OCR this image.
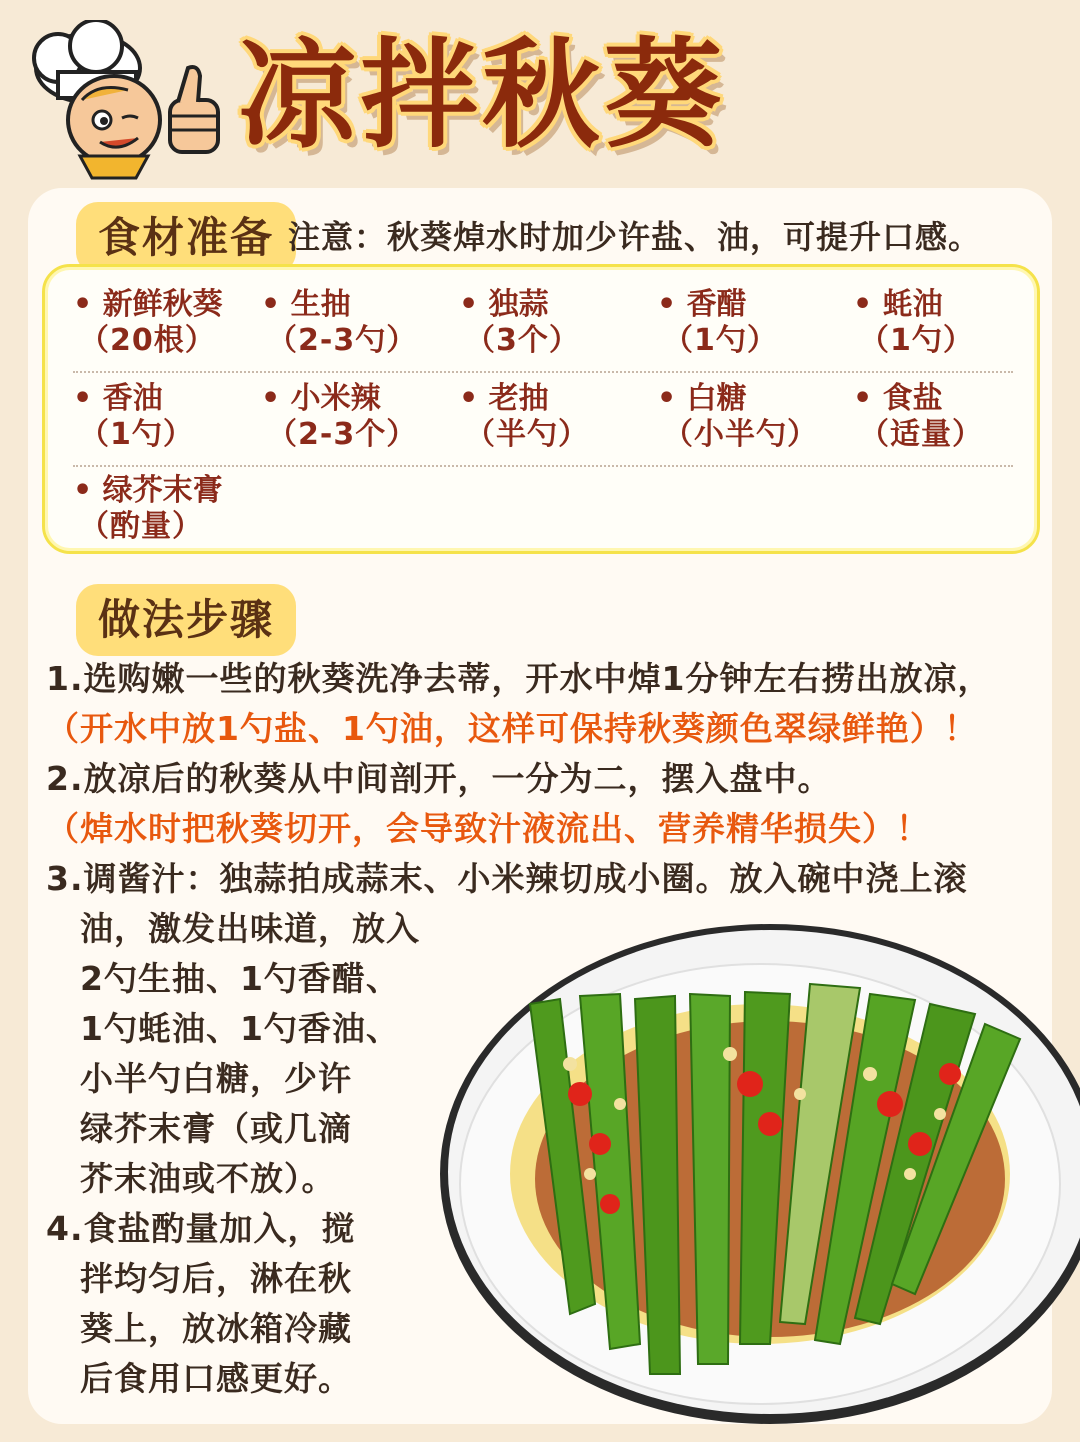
凉拌秋葵
食材准备 注意：秋葵焯水时加少许盐、油，可提升口感。
• 新鲜秋葵
（20根）
• 生抽
（2-3勺）
• 独蒜
（3个）
• 香醋
（1勺）
• 蚝油
（1勺）
• 香油
（1勺）
• 小米辣
（2-3个）
• 老抽
（半勺）
• 白糖
（小半勺）
• 食盐
（适量）
• 绿芥末膏
（酌量）
做法步骤
1.选购嫩一些的秋葵洗净去蒂，开水中焯1分钟左右捞出放凉，
（开水中放1勺盐、1勺油，这样可保持秋葵颜色翠绿鲜艳）！
2.放凉后的秋葵从中间剖开，一分为二，摆入盘中。
（焯水时把秋葵切开，会导致汁液流出、营养精华损失）！
3.调酱汁：独蒜拍成蒜末、小米辣切成小圈。放入碗中浇上滚
油，激发出味道，放入
2勺生抽、1勺香醋、
1勺蚝油、1勺香油、
小半勺白糖，少许
绿芥末膏（或几滴
芥末油或不放）。
4.食盐酌量加入，搅
拌均匀后，淋在秋
葵上，放冰箱冷藏
后食用口感更好。
